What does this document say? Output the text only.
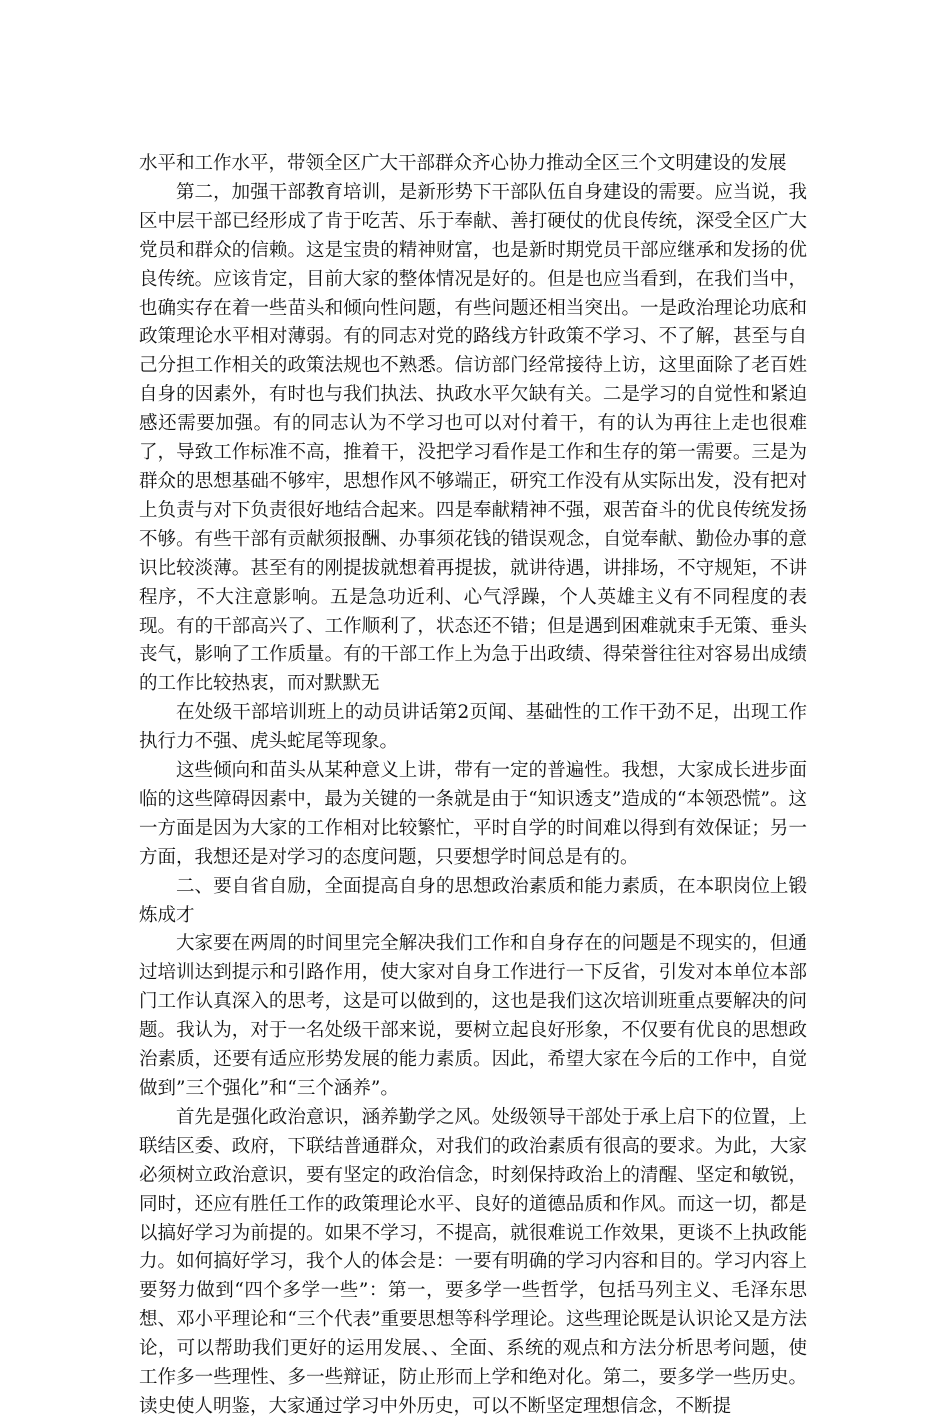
水平和工作水平，带领全区广大干部群众齐心协力推动全区三个文明建设的发展

第二，加强干部教育培训，是新形势下干部队伍自身建设的需要。应当说，我区中层干部已经形成了肯于吃苦、乐于奉献、善打硬仗的优良传统，深受全区广大党员和群众的信赖。这是宝贵的精神财富，也是新时期党员干部应继承和发扬的优良传统。应该肯定，目前大家的整体情况是好的。但是也应当看到，在我们当中，也确实存在着一些苗头和倾向性问题，有些问题还相当突出。一是政治理论功底和政策理论水平相对薄弱。有的同志对党的路线方针政策不学习、不了解，甚至与自己分担工作相关的政策法规也不熟悉。信访部门经常接待上访，这里面除了老百姓自身的因素外，有时也与我们执法、执政水平欠缺有关。二是学习的自觉性和紧迫感还需要加强。有的同志认为不学习也可以对付着干，有的认为再往上走也很难了，导致工作标准不高，推着干，没把学习看作是工作和生存的第一需要。三是为群众的思想基础不够牢，思想作风不够端正，研究工作没有从实际出发，没有把对上负责与对下负责很好地结合起来。四是奉献精神不强，艰苦奋斗的优良传统发扬不够。有些干部有贡献须报酬、办事须花钱的错误观念，自觉奉献、勤俭办事的意识比较淡薄。甚至有的刚提拔就想着再提拔，就讲待遇，讲排场，不守规矩，不讲程序，不大注意影响。五是急功近利、心气浮躁，个人英雄主义有不同程度的表现。有的干部高兴了、工作顺利了，状态还不错；但是遇到困难就束手无策、垂头丧气，影响了工作质量。有的干部工作上为急于出政绩、得荣誉往往对容易出成绩的工作比较热衷，而对默默无

在处级干部培训班上的动员讲话第2页闻、基础性的工作干劲不足，出现工作执行力不强、虎头蛇尾等现象。

这些倾向和苗头从某种意义上讲，带有一定的普遍性。我想，大家成长进步面临的这些障碍因素中，最为关键的一条就是由于“知识透支”造成的“本领恐慌”。这一方面是因为大家的工作相对比较繁忙，平时自学的时间难以得到有效保证；另一方面，我想还是对学习的态度问题，只要想学时间总是有的。

二、要自省自励，全面提高自身的思想政治素质和能力素质，在本职岗位上锻炼成才

大家要在两周的时间里完全解决我们工作和自身存在的问题是不现实的，但通过培训达到提示和引路作用，使大家对自身工作进行一下反省，引发对本单位本部门工作认真深入的思考，这是可以做到的，这也是我们这次培训班重点要解决的问题。我认为，对于一名处级干部来说，要树立起良好形象，不仅要有优良的思想政治素质，还要有适应形势发展的能力素质。因此，希望大家在今后的工作中，自觉做到”三个强化”和“三个涵养”。

首先是强化政治意识，涵养勤学之风。处级领导干部处于承上启下的位置，上联结区委、政府，下联结普通群众，对我们的政治素质有很高的要求。为此，大家必须树立政治意识，要有坚定的政治信念，时刻保持政治上的清醒、坚定和敏锐，同时，还应有胜任工作的政策理论水平、良好的道德品质和作风。而这一切，都是以搞好学习为前提的。如果不学习，不提高，就很难说工作效果，更谈不上执政能力。如何搞好学习，我个人的体会是：一要有明确的学习内容和目的。学习内容上要努力做到“四个多学一些”：第一，要多学一些哲学，包括马列主义、毛泽东思想、邓小平理论和“三个代表”重要思想等科学理论。这些理论既是认识论又是方法论，可以帮助我们更好的运用发展、、全面、系统的观点和方法分析思考问题，使工作多一些理性、多一些辩证，防止形而上学和绝对化。第二，要多学一些历史。读史使人明鉴，大家通过学习中外历史，可以不断坚定理想信念，不断提
